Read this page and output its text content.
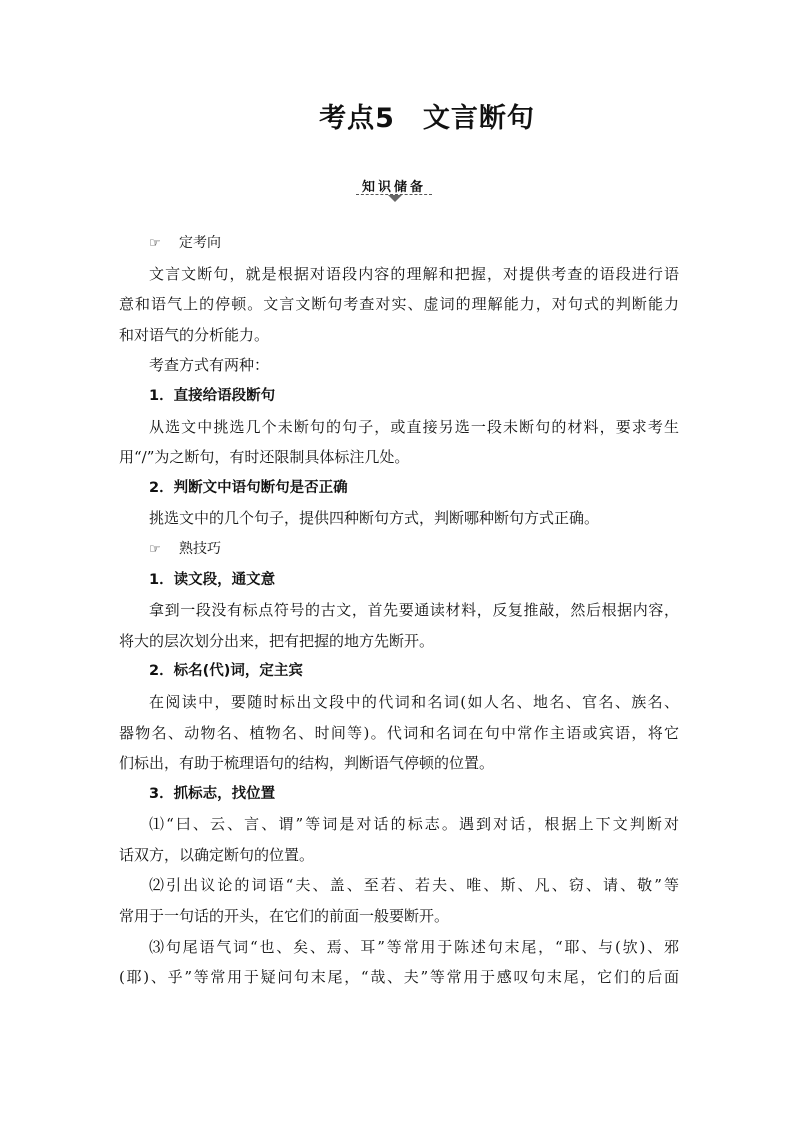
考点5 文言断句
知识储备
☞ 定考向
文言文断句，就是根据对语段内容的理解和把握，对提供考查的语段进行语
意和语气上的停顿。文言文断句考查对实、虚词的理解能力，对句式的判断能力
和对语气的分析能力。
考查方式有两种：
1．直接给语段断句
从选文中挑选几个未断句的句子，或直接另选一段未断句的材料，要求考生
用“/”为之断句，有时还限制具体标注几处。
2．判断文中语句断句是否正确
挑选文中的几个句子，提供四种断句方式，判断哪种断句方式正确。
☞ 熟技巧
1．读文段，通文意
拿到一段没有标点符号的古文，首先要通读材料，反复推敲，然后根据内容，
将大的层次划分出来，把有把握的地方先断开。
2．标名(代)词，定主宾
在阅读中，要随时标出文段中的代词和名词(如人名、地名、官名、族名、
器物名、动物名、植物名、时间等)。代词和名词在句中常作主语或宾语，将它
们标出，有助于梳理语句的结构，判断语气停顿的位置。
3．抓标志，找位置
⑴“曰、云、言、谓”等词是对话的标志。遇到对话，根据上下文判断对
话双方，以确定断句的位置。
⑵引出议论的词语“夫、盖、至若、若夫、唯、斯、凡、窃、请、敬”等
常用于一句话的开头，在它们的前面一般要断开。
⑶句尾语气词“也、矣、焉、耳”等常用于陈述句末尾，“耶、与(欤)、邪
(耶)、乎”等常用于疑问句末尾，“哉、夫”等常用于感叹句末尾，它们的后面
